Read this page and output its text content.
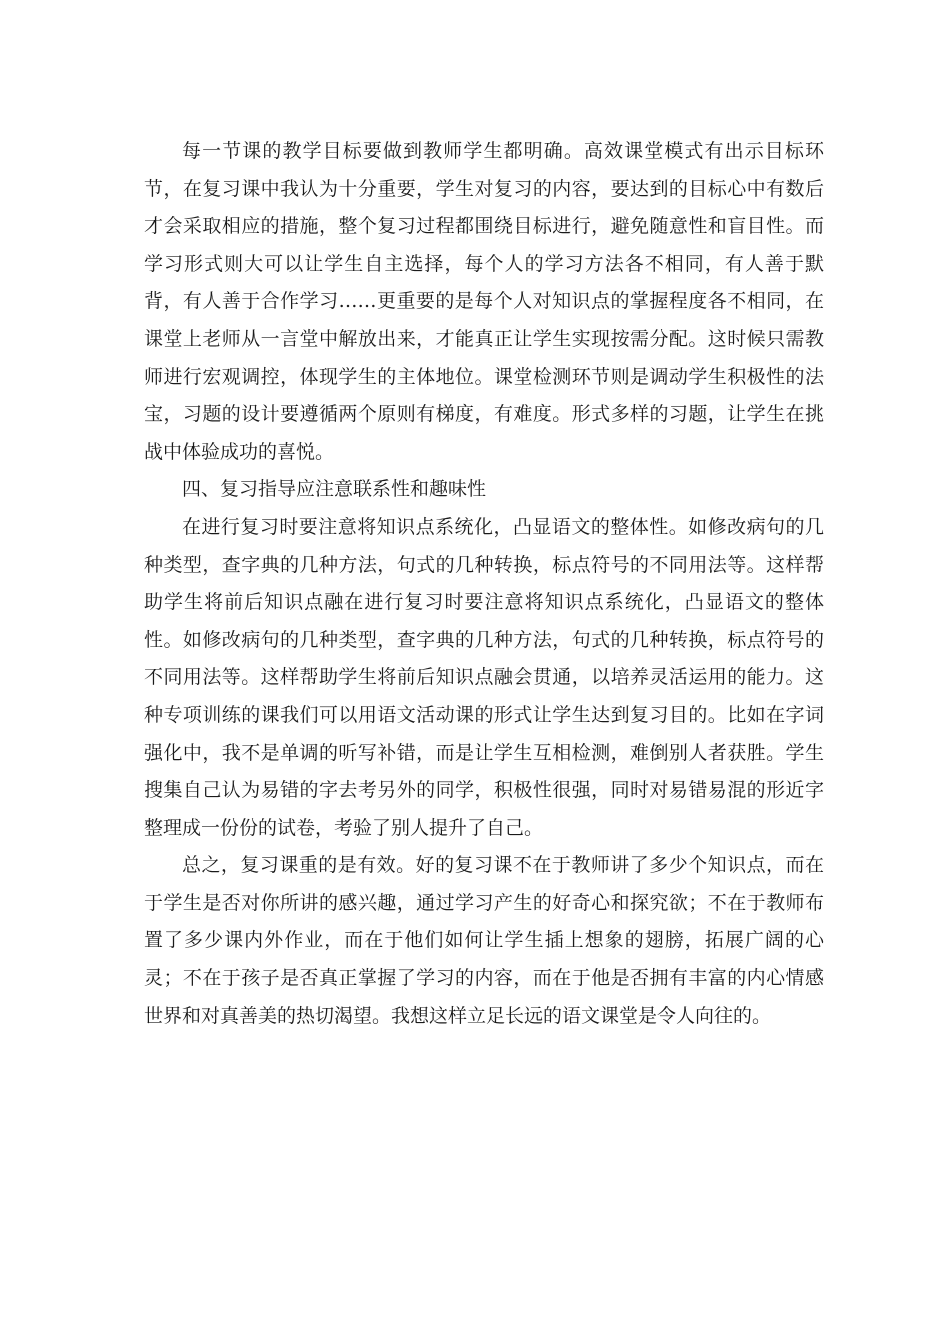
每一节课的教学目标要做到教师学生都明确。高效课堂模式有出示目标环节，在复习课中我认为十分重要，学生对复习的内容，要达到的目标心中有数后才会采取相应的措施，整个复习过程都围绕目标进行，避免随意性和盲目性。而学习形式则大可以让学生自主选择，每个人的学习方法各不相同，有人善于默背，有人善于合作学习……更重要的是每个人对知识点的掌握程度各不相同，在课堂上老师从一言堂中解放出来，才能真正让学生实现按需分配。这时候只需教师进行宏观调控，体现学生的主体地位。课堂检测环节则是调动学生积极性的法宝，习题的设计要遵循两个原则有梯度，有难度。形式多样的习题，让学生在挑战中体验成功的喜悦。

四、复习指导应注意联系性和趣味性

在进行复习时要注意将知识点系统化，凸显语文的整体性。如修改病句的几种类型，查字典的几种方法，句式的几种转换，标点符号的不同用法等。这样帮助学生将前后知识点融在进行复习时要注意将知识点系统化，凸显语文的整体性。如修改病句的几种类型，查字典的几种方法，句式的几种转换，标点符号的不同用法等。这样帮助学生将前后知识点融会贯通，以培养灵活运用的能力。这种专项训练的课我们可以用语文活动课的形式让学生达到复习目的。比如在字词强化中，我不是单调的听写补错，而是让学生互相检测，难倒别人者获胜。学生搜集自己认为易错的字去考另外的同学，积极性很强，同时对易错易混的形近字整理成一份份的试卷，考验了别人提升了自己。

总之，复习课重的是有效。好的复习课不在于教师讲了多少个知识点，而在于学生是否对你所讲的感兴趣，通过学习产生的好奇心和探究欲；不在于教师布置了多少课内外作业，而在于他们如何让学生插上想象的翅膀，拓展广阔的心灵；不在于孩子是否真正掌握了学习的内容，而在于他是否拥有丰富的内心情感世界和对真善美的热切渴望。我想这样立足长远的语文课堂是令人向往的。
